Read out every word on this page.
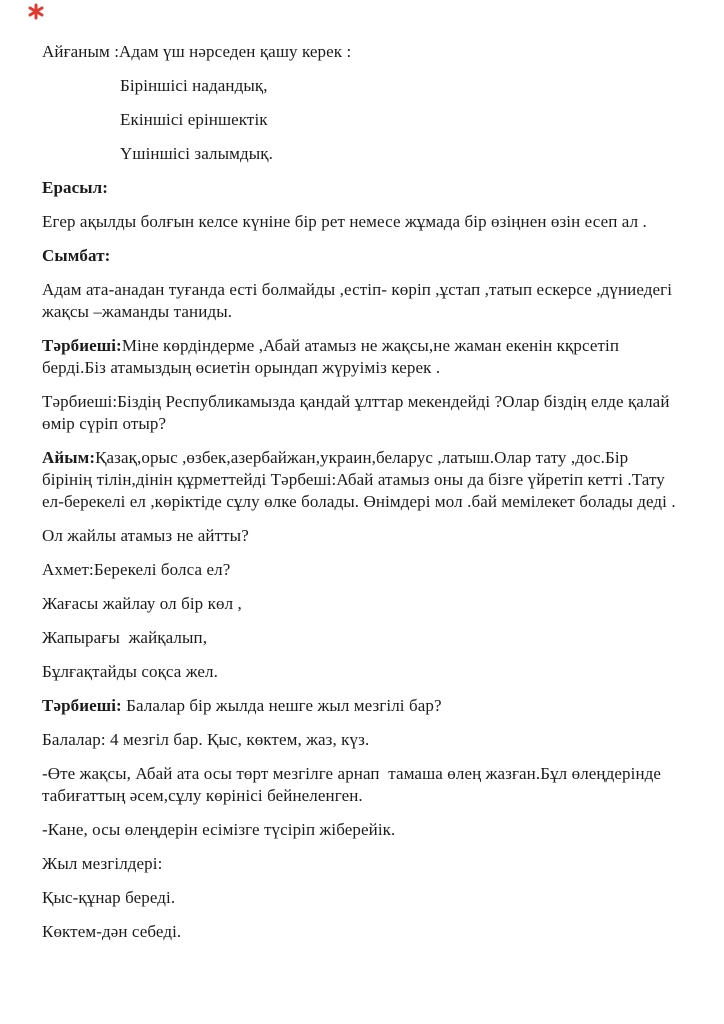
Айғаным :Адам үш нәрседен қашу керек :

Біріншісі надандық,

Екіншісі еріншектік

Үшіншісі залымдық.

Ерасыл:

Егер ақылды болғын келсе күніне бір рет немесе жұмада бір өзіңнен өзін есеп ал .

Сымбат:

Адам ата-анадан туғанда есті болмайды ,естіп- көріп ,ұстап ,татып ескерсе ,дүниедегі жақсы –жаманды таниды.

Тәрбиеші:Міне көрдіндерме ,Абай атамыз не жақсы,не жаман екенін кқрсетіп берді.Біз атамыздың өсиетін орындап жүруіміз керек .

Тәрбиеші:Біздің Республикамызда қандай ұлттар мекендейді ?Олар біздің елде қалай өмір сүріп отыр?

Айым:Қазақ,орыс ,өзбек,азербайжан,украин,беларус ,латыш.Олар тату ,дос.Бір бірінің тілін,дінін құрметтейді Тәрбеші:Абай атамыз оны да бізге үйретіп кетті .Тату ел-берекелі ел ,көріктіде сұлу өлке болады. Өнімдері мол .бай мемілекет болады деді .

Ол жайлы атамыз не айтты?

Ахмет:Берекелі болса ел?

Жағасы жайлау ол бір көл ,

Жапырағы  жайқалып,

Бұлғақтайды соқса жел.

Тәрбиеші: Балалар бір жылда нешге жыл мезгілі бар?

Балалар: 4 мезгіл бар. Қыс, көктем, жаз, күз.

-Өте жақсы, Абай ата осы төрт мезгілге арнап  тамаша өлең жазған.Бұл өлеңдерінде табиғаттың әсем,сұлу көрінісі бейнеленген.

-Кане, осы өлеңдерін есімізге түсіріп жіберейік.

Жыл мезгілдері:

Қыс-құнар береді.

Көктем-дән себеді.
